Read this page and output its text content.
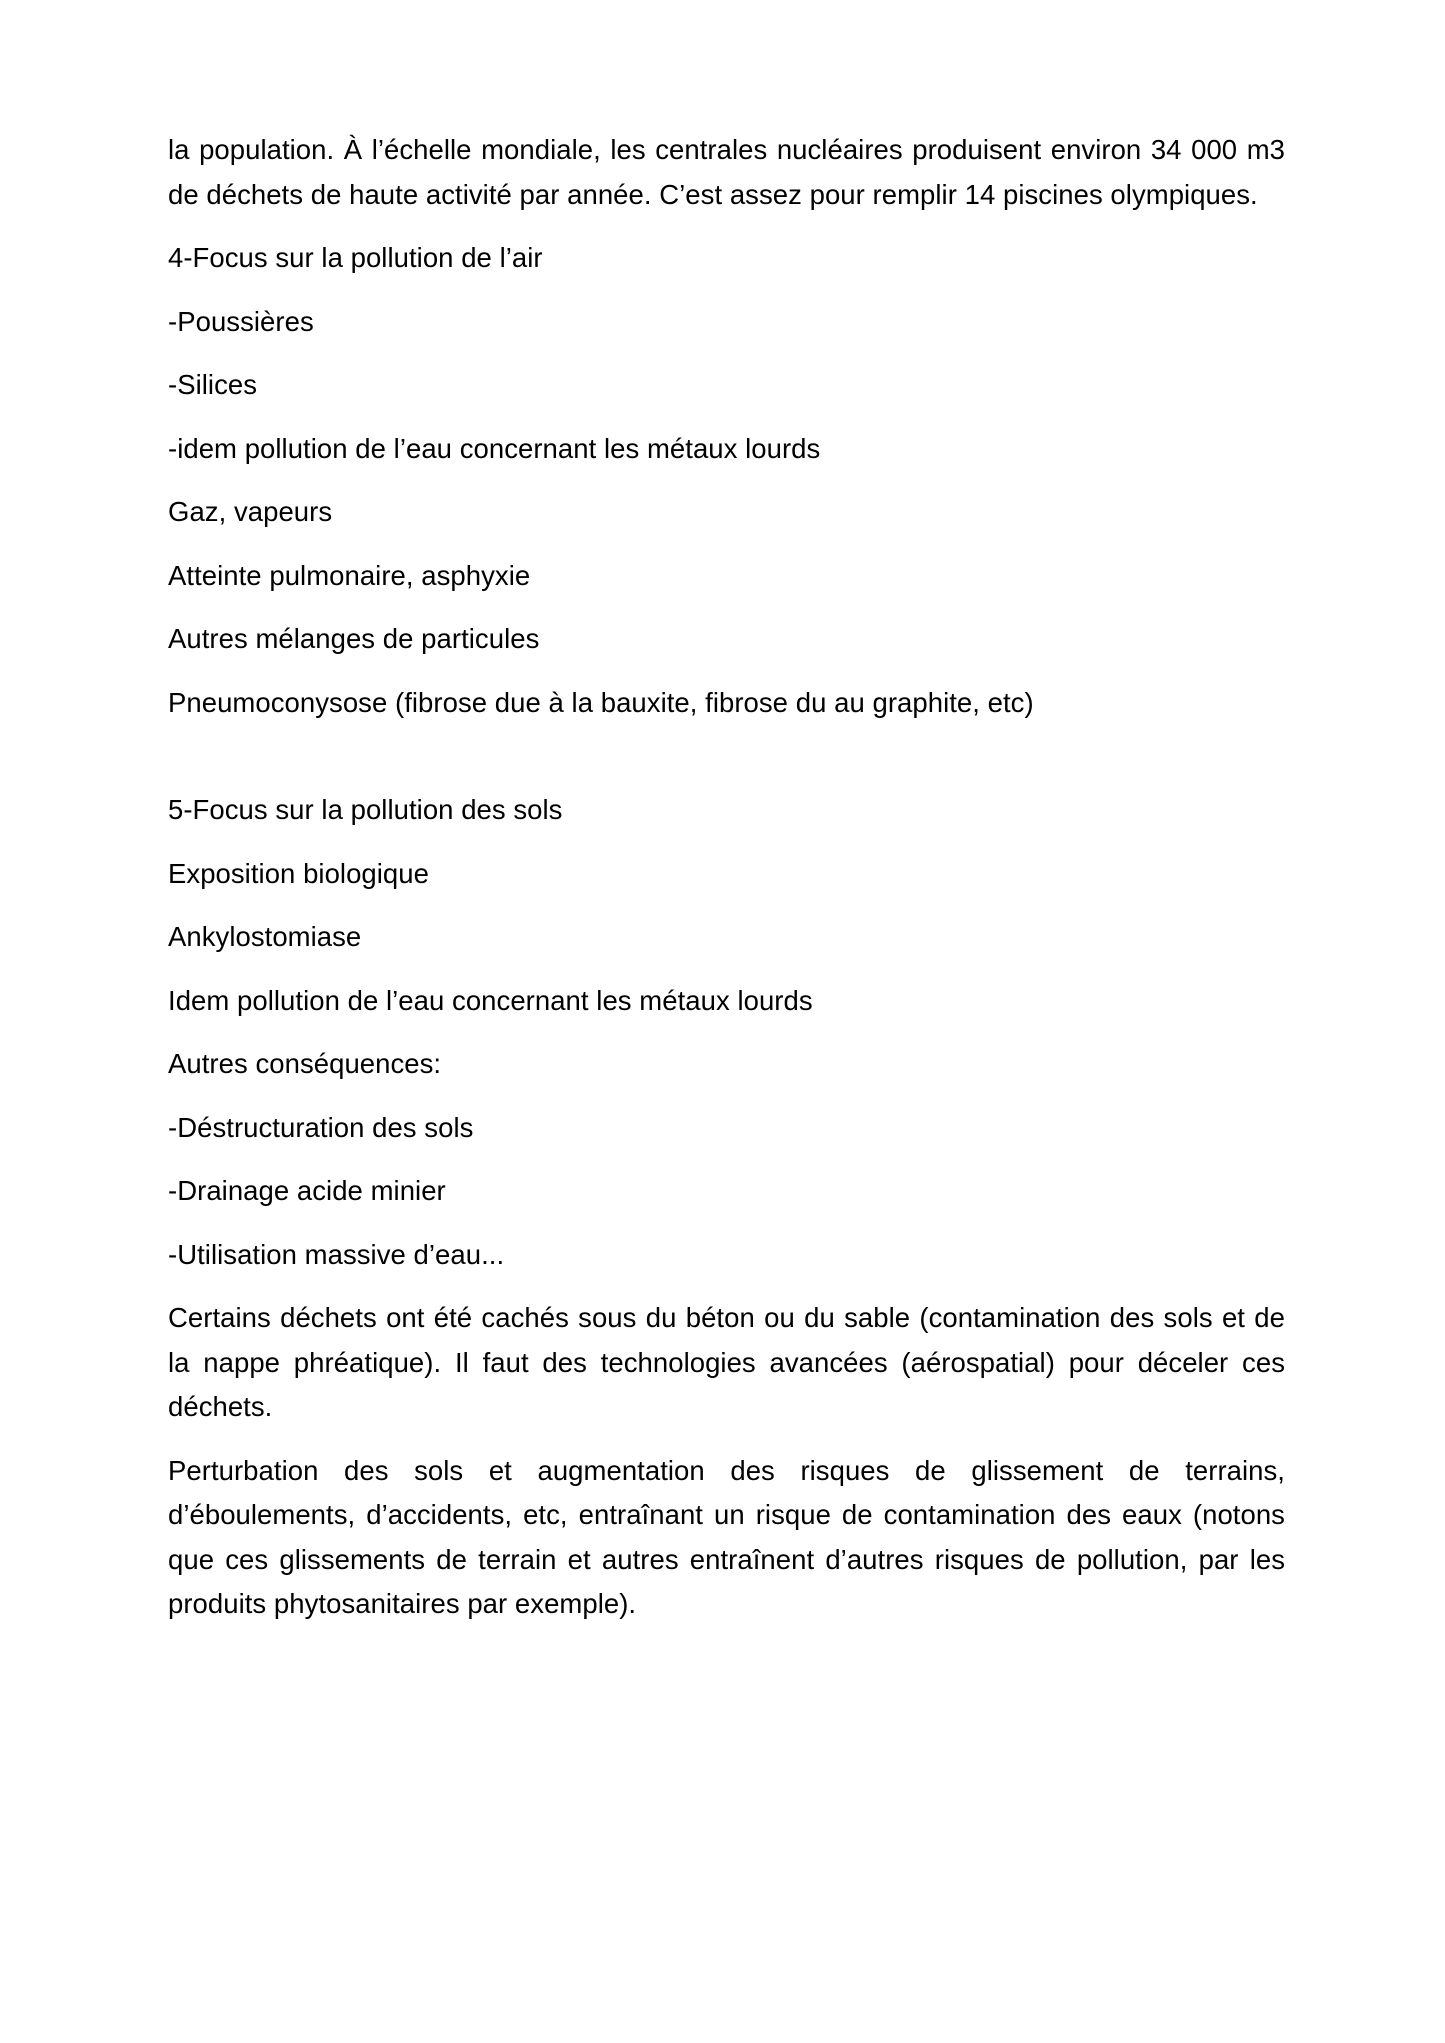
la population. À l’échelle mondiale, les centrales nucléaires produisent environ 34 000 m3 de déchets de haute activité par année. C’est assez pour remplir 14 piscines olympiques.

4-Focus sur la pollution de l’air

-Poussières

-Silices

-idem pollution de l’eau concernant les métaux lourds

Gaz, vapeurs

Atteinte pulmonaire, asphyxie

Autres mélanges de particules

Pneumoconysose (fibrose due à la bauxite, fibrose du au graphite, etc)

5-Focus sur la pollution des sols

Exposition biologique

Ankylostomiase

Idem pollution de l’eau concernant les métaux lourds

Autres conséquences:

-Déstructuration des sols

-Drainage acide minier

-Utilisation massive d’eau...

Certains déchets ont été cachés sous du béton ou du sable (contamination des sols et de la nappe phréatique). Il faut des technologies avancées (aérospatial) pour déceler ces déchets.

Perturbation des sols et augmentation des risques de glissement de terrains, d’éboulements, d’accidents, etc, entraînant un risque de contamination des eaux (notons que ces glissements de terrain et autres entraînent d’autres risques de pollution, par les produits phytosanitaires par exemple).
